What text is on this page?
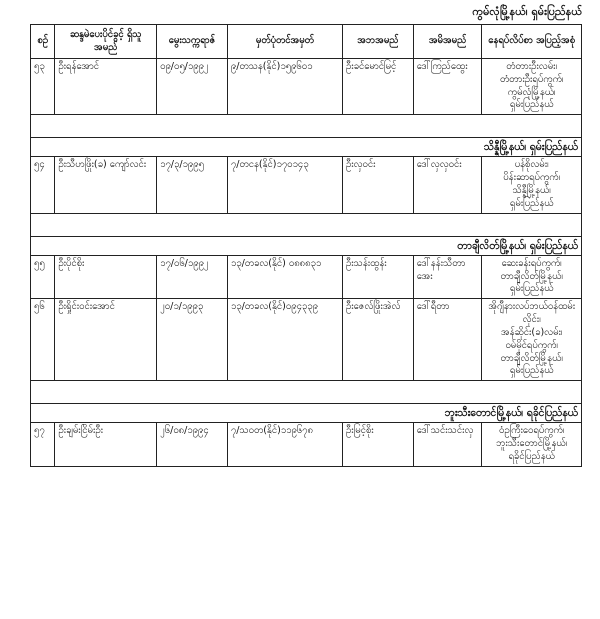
ကွမ်လုံမြို့နယ်၊ ရှမ်းပြည်နယ်
စဉ်	ဆန္ဒမဲပေးပိုင်ခွင့် ရှိသူအမည်	မွေးသက္ကရာဇ်	မှတ်ပုံတင်အမှတ်	အဘအမည်	အမိအမည်	နေရပ်လိပ်စာ အပြည့်အစုံ
၅၃	ဦးရန်အောင်	၀၉/၀၅/၁၉၉၂	၉/တသန(နိုင်)၁၅၉၆၀၁	ဦးခင်မောင်မြင့်	ဒေါ်ကြည်ထွေး	တံတားဦးလမ်း၊
တံတားဦးရပ်ကွက်၊
ကွမ်လုံမြို့နယ်၊
ရှမ်းပြည်နယ်

သိန္နီမြို့နယ်၊ ရှမ်းပြည်နယ်						
၅၄	ဦးသီဟဖြိုး(ခ) ကျော်လင်း	၁၇/၃/၁၉၉၅	၇/တငန(နိုင်)၁၇၀၁၄၃	ဦးလှဝင်း	ဒေါ်လှလှဝင်း	ပန်စိုလမ်း၊
ပိန်းဆာရပ်ကွက်၊
သိန္နီမြို့နယ်၊
ရှမ်းပြည်နယ်

တာချီလိတ်မြို့နယ်၊ ရှမ်းပြည်နယ်						
၅၅	ဦးပိုင်စိုး	၁၇/၀၆/၁၉၉၂	၁၃/တခလ(နိုင်) ၀၈၈၈၃၁	ဦးသန်းထွန်း	ဒေါ်နန်းသီတာအေး	ဆေးခန်းရပ်ကွက်၊
တာချီလိတ်မြို့နယ်၊
ရှမ်းပြည်နယ်

၅၆	ဦးရှိုင်းဝင်းအောင်	၂၀/၁/၁၉၉၃	၁၃/တခလ(နိုင်)၀၉၄၃၃၉	ဦးဇေလ်ဖြိုးအဲလ်	ဒေါ်ရီတာ	အိုဂျီနားလပ်ဘယ်ဝန်ထမ်းလိုင်း၊
အန်ဆိုင်း(ခ)လမ်း၊
ဝမ်မိုင်ရပ်ကွက်၊
တာချီလိတ်မြို့နယ်၊
ရှမ်းပြည်နယ်

ဘူးသီးတောင်မြို့နယ်၊ ရခိုင်ပြည်နယ်						
၅၇	ဦးချမ်းငြိမ်းဦး	၂၆/၀၈/၁၉၉၄	၇/သဝတ(နိုင်)၁၁၉၆၇၈	ဦးမြင့်စိုး	ဒေါ်သင်းသင်းလှ	ဝံဥကြီးဝေရပ်ကွက်၊
ဘူးသီးတောင်မြို့နယ်၊
ရခိုင်ပြည်နယ်
